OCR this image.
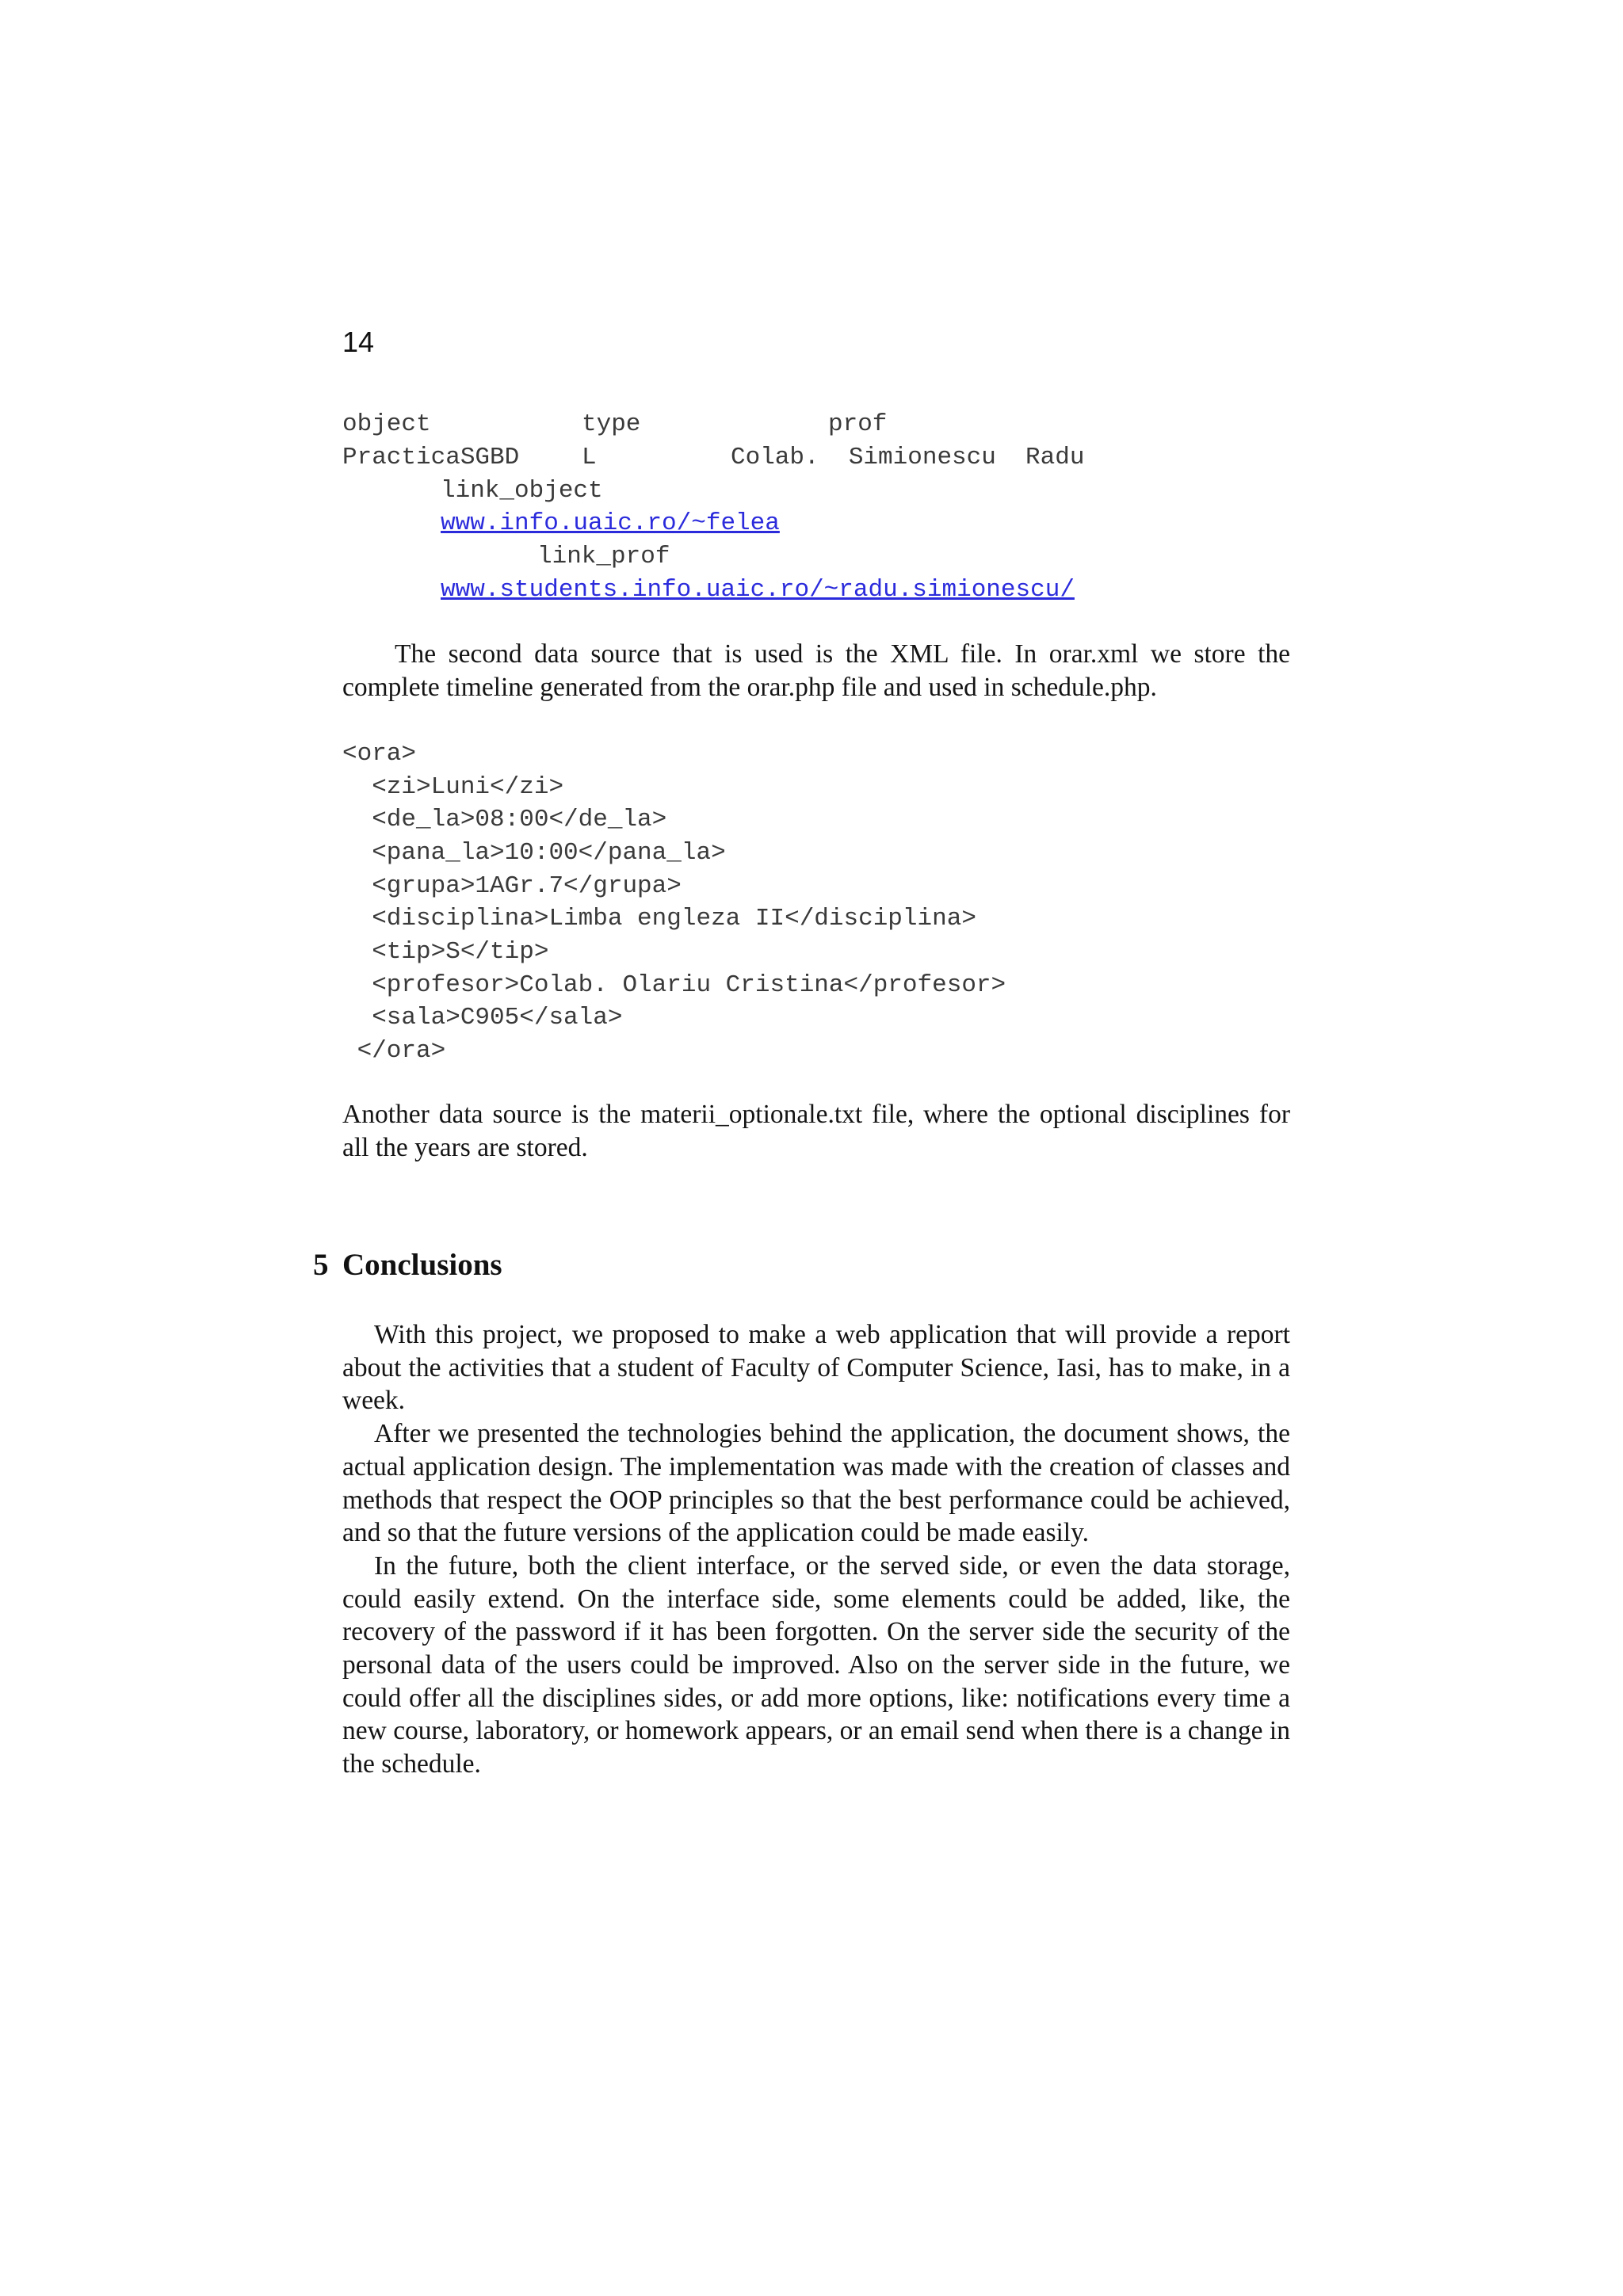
14
object	type	prof
PracticaSGBD	L	Colab.  Simionescu  Radu
link_object
www.info.uaic.ro/~felea
link_prof
www.students.info.uaic.ro/~radu.simionescu/

The second data source that is used is the XML file. In orar.xml we store the complete timeline generated from the orar.php file and used in schedule.php.

<ora>
<zi>Luni</zi>
<de_la>08:00</de_la>
<pana_la>10:00</pana_la>
<grupa>1AGr.7</grupa>
<disciplina>Limba engleza II</disciplina>
<tip>S</tip>
<profesor>Colab. Olariu Cristina</profesor>
<sala>C905</sala>
</ora>

Another data source is the materii_optionale.txt file, where the optional disciplines for all the years are stored.

5 Conclusions

With this project, we proposed to make a web application that will provide a report about the activities that a student of Faculty of Computer Science, Iasi, has to make, in a week.

After we presented the technologies behind the application, the document shows, the actual application design. The implementation was made with the creation of classes and methods that respect the OOP principles so that the best performance could be achieved, and so that the future versions of the application could be made easily.

In the future, both the client interface, or the served side, or even the data storage, could easily extend. On the interface side, some elements could be added, like, the recovery of the password if it has been forgotten. On the server side the security of the personal data of the users could be improved. Also on the server side in the future, we could offer all the disciplines sides, or add more options, like: notifications every time a new course, laboratory, or homework appears, or an email send when there is a change in the schedule.
